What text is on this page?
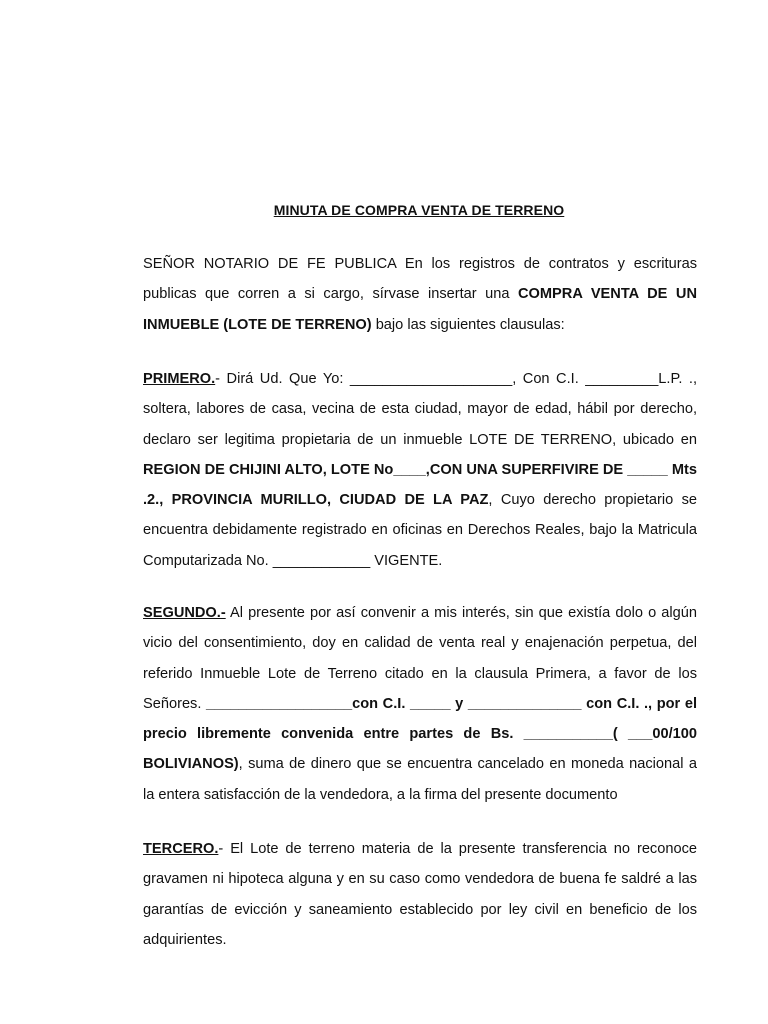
MINUTA DE COMPRA VENTA DE TERRENO

SEÑOR NOTARIO DE FE PUBLICA En los registros de contratos y escrituras publicas que corren a si cargo, sírvase insertar una COMPRA VENTA DE UN INMUEBLE (LOTE DE TERRENO) bajo las siguientes clausulas:

PRIMERO.- Dirá Ud. Que Yo: ____________________, Con C.I. _________L.P. ., soltera, labores de casa, vecina de esta ciudad, mayor de edad, hábil por derecho, declaro ser legitima propietaria de un inmueble LOTE DE TERRENO, ubicado en REGION DE CHIJINI ALTO, LOTE No____,CON UNA SUPERFIVIRE DE _____ Mts .2., PROVINCIA MURILLO, CIUDAD DE LA PAZ, Cuyo derecho propietario se encuentra debidamente registrado en oficinas en Derechos Reales, bajo la Matricula Computarizada No. ____________ VIGENTE.

SEGUNDO.- Al presente por así convenir a mis interés, sin que existía dolo o algún vicio del consentimiento, doy en calidad de venta real y enajenación perpetua, del referido Inmueble Lote de Terreno citado en la clausula Primera, a favor de los Señores. __________________con C.I. _____ y ______________ con C.I. ., por el precio libremente convenida entre partes de Bs. ___________( ___00/100 BOLIVIANOS), suma de dinero que se encuentra cancelado en moneda nacional a la entera satisfacción de la vendedora, a la firma del presente documento

TERCERO.- El Lote de terreno materia de la presente transferencia no reconoce gravamen ni hipoteca alguna y en su caso como vendedora de buena fe saldré a las garantías de evicción y saneamiento establecido por ley civil en beneficio de los adquirientes.
